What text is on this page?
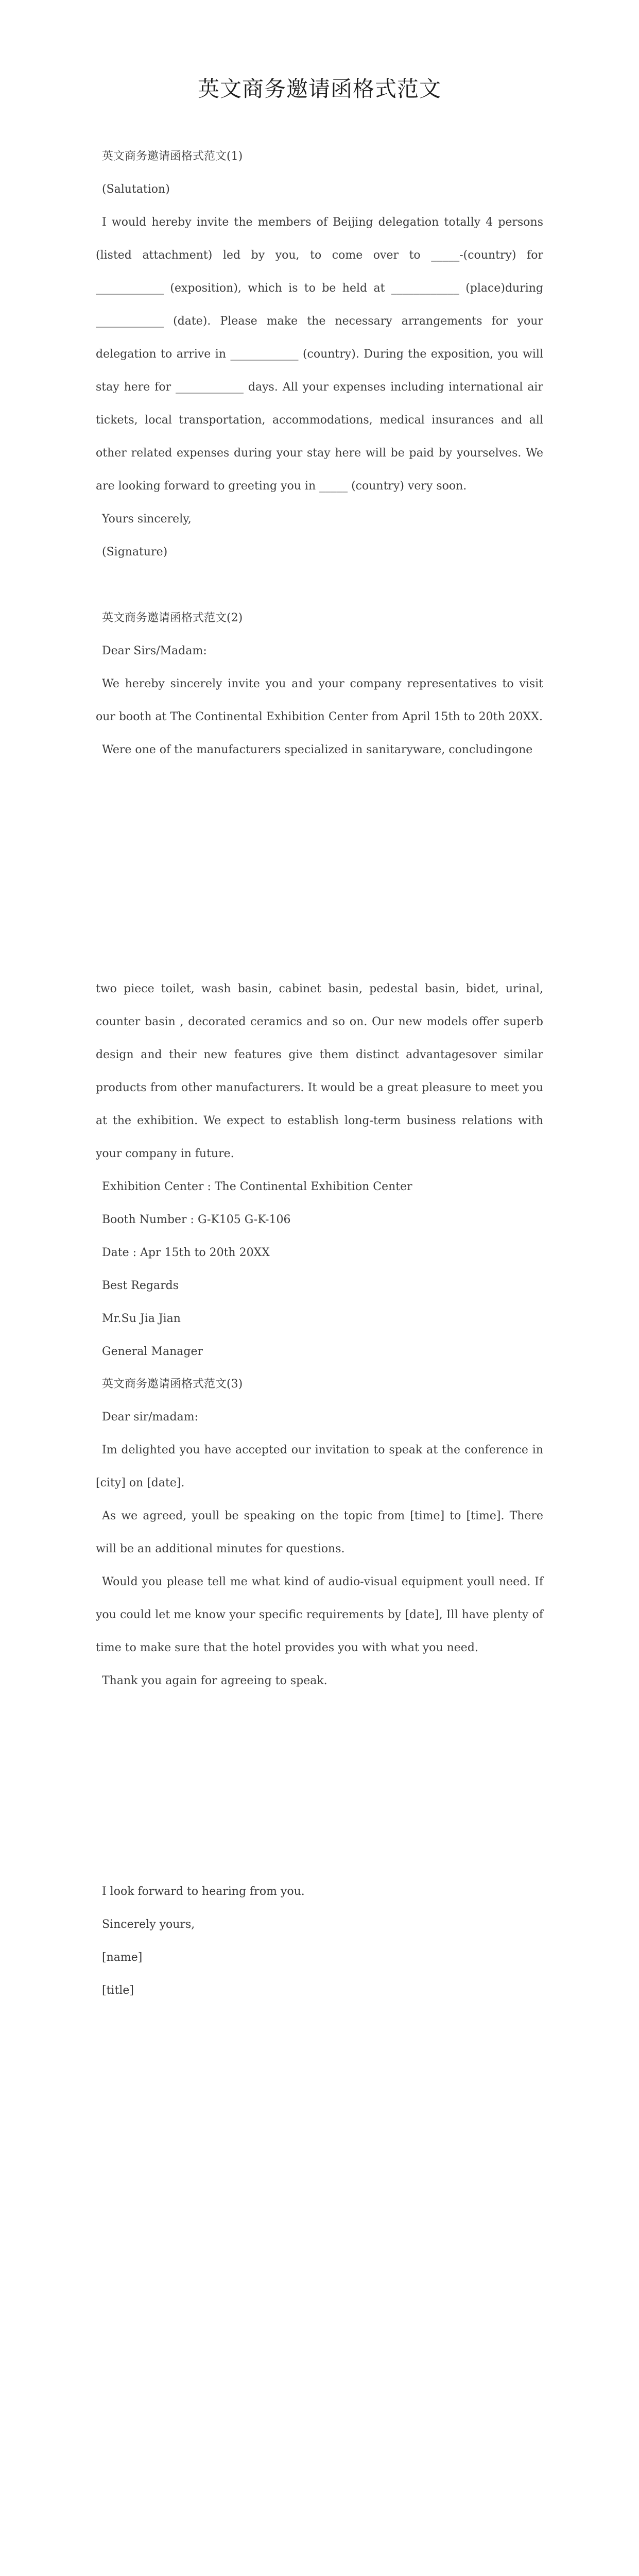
英文商务邀请函格式范文

英文商务邀请函格式范文(1)

(Salutation)

I would hereby invite the members of Beijing delegation totally 4 persons (listed attachment) led by you, to come over to _____-(country) for ____________ (exposition), which is to be held at ____________ (place)during ____________ (date). Please make the necessary arrangements for your delegation to arrive in ____________ (country). During the exposition, you will stay here for ____________ days. All your expenses including international air tickets, local transportation, accommodations, medical insurances and all other related expenses during your stay here will be paid by yourselves. We are looking forward to greeting you in _____ (country) very soon.

Yours sincerely,

(Signature)

英文商务邀请函格式范文(2)

Dear Sirs/Madam:

We hereby sincerely invite you and your company representatives to visit our booth at The Continental Exhibition Center from April 15th to 20th 20XX.

Were one of the manufacturers specialized in sanitaryware, concludingone

two piece toilet, wash basin, cabinet basin, pedestal basin, bidet, urinal, counter basin , decorated ceramics and so on. Our new models offer superb design and their new features give them distinct advantagesover similar products from other manufacturers. It would be a great pleasure to meet you at the exhibition. We expect to establish long-term business relations with your company in future.

Exhibition Center : The Continental Exhibition Center

Booth Number : G-K105 G-K-106

Date : Apr 15th to 20th 20XX

Best Regards

Mr.Su Jia Jian

General Manager

英文商务邀请函格式范文(3)

Dear sir/madam:

Im delighted you have accepted our invitation to speak at the conference in [city] on [date].

As we agreed, youll be speaking on the topic from [time] to [time]. There will be an additional minutes for questions.

Would you please tell me what kind of audio-visual equipment youll need. If you could let me know your specific requirements by [date], Ill have plenty of time to make sure that the hotel provides you with what you need.

Thank you again for agreeing to speak.

I look forward to hearing from you.

Sincerely yours,

[name]

[title]
